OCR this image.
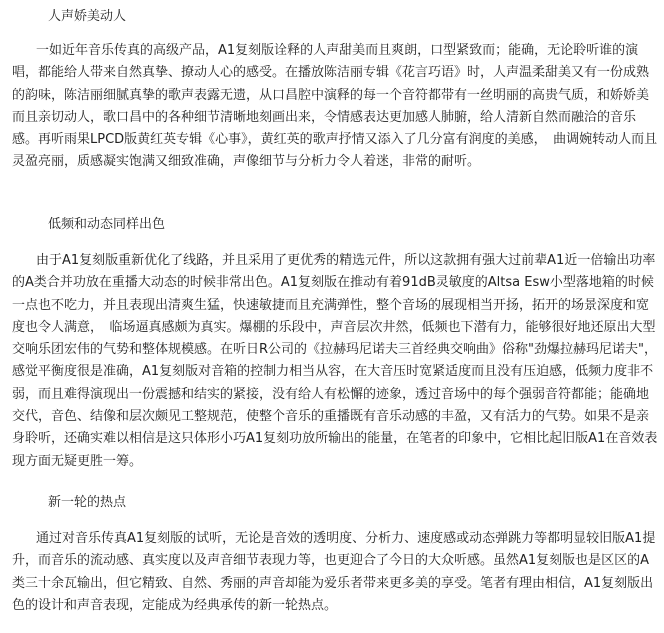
人声娇美动人

一如近年音乐传真的高级产品，A1复刻版诠释的人声甜美而且爽朗，口型紧致而；能确，无论聆听谁的演唱，都能给人带来自然真挚、撩动人心的感受。在播放陈洁丽专辑《花言巧语》时，人声温柔甜美又有一份成熟的韵味，陈洁丽细腻真挚的歌声表露无遗，从口昌腔中演释的每一个音符都带有一丝明丽的高贵气质，和娇娇美而且亲切动人，歌口昌中的各种细节清晰地刻画出来，令情感表达更加感人肺腑，给人清新自然而融洽的音乐感。再听雨果LPCD版黄红英专辑《心事》，黄红英的歌声抒情又添入了几分富有润度的美感，　曲调婉转动人而且灵盈亮丽，质感凝实饱满又细致准确，声像细节与分析力令人着迷，非常的耐听。

低频和动态同样出色

由于A1复刻版重新优化了线路，并且采用了更优秀的精选元件，所以这款拥有强大过前辈A1近一倍输出功率的A类合并功放在重播大动态的时候非常出色。A1复刻版在推动有着91dB灵敏度的Altsa Esw小型落地箱的时候一点也不吃力，并且表现出清爽生猛，快速敏捷而且充满弹性，整个音场的展现相当开扬，拓开的场景深度和宽度也令人满意，　临场逼真感颇为真实。爆棚的乐段中，声音层次井然，低频也下潜有力，能够很好地还原出大型交响乐团宏伟的气势和整体规模感。在听日R公司的《拉赫玛尼诺夫三首经典交响曲》俗称"劲爆拉赫玛尼诺夫"，感觉平衡度很是准确，A1复刻版对音箱的控制力相当从容，在大音压时宽紧适度而且没有压迫感，低频力度非不弱，而且难得演现出一份震撼和结实的紧接，没有给人有松懈的迹象，透过音场中的每个强弱音符都能；能确地交代，音色、结像和层次颇见工整规范，使整个音乐的重播既有音乐动感的丰盈，又有活力的气势。如果不是亲身聆听，还确实难以相信是这只体形小巧A1复刻功放所输出的能量，在笔者的印象中，它相比起旧版A1在音效表现方面无疑更胜一筹。

新一轮的热点

通过对音乐传真A1复刻版的试听，无论是音效的透明度、分析力、速度感或动态弹跳力等都明显较旧版A1提升，而音乐的流动感、真实度以及声音细节表现力等，也更迎合了今日的大众听感。虽然A1复刻版也是区区的A类三十余瓦输出，但它精致、自然、秀丽的声音却能为爱乐者带来更多美的享受。笔者有理由相信，A1复刻版出色的设计和声音表现，定能成为经典承传的新一轮热点。
